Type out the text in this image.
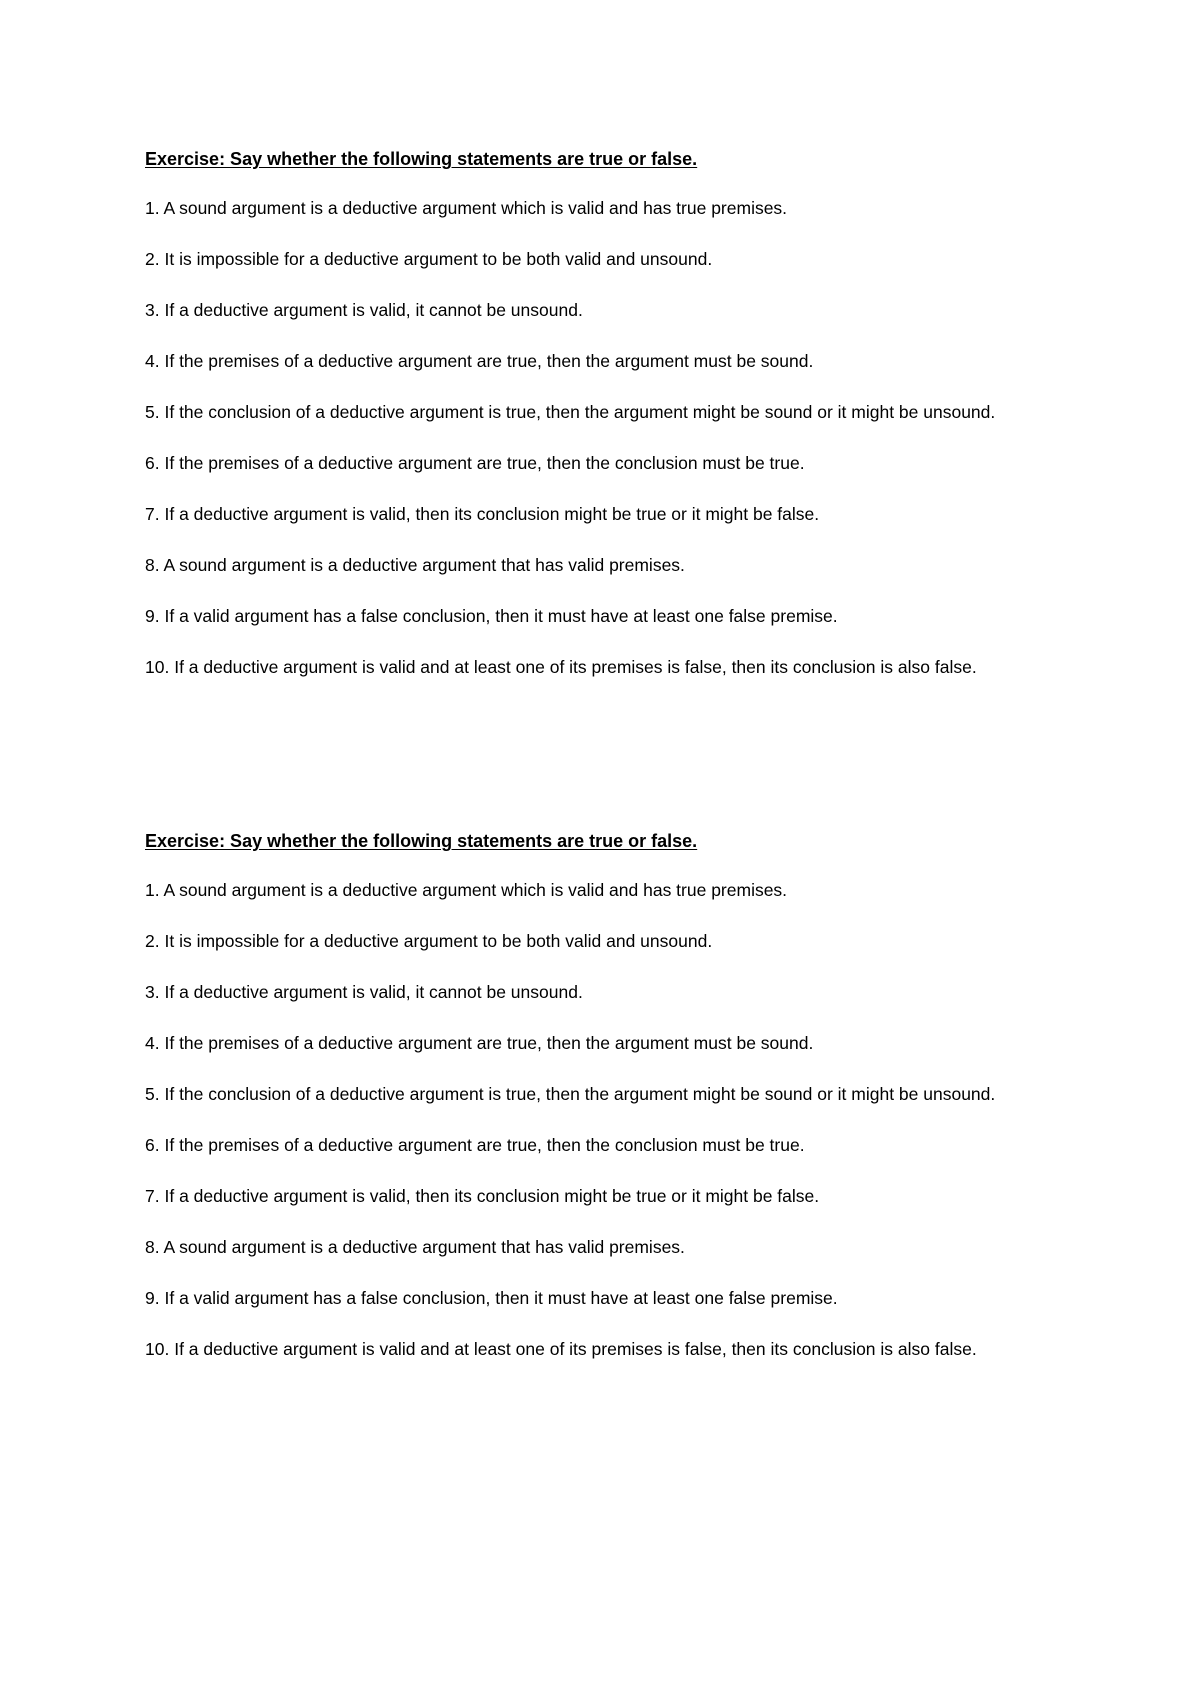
Exercise: Say whether the following statements are true or false.
1. A sound argument is a deductive argument which is valid and has true premises.
2. It is impossible for a deductive argument to be both valid and unsound.
3. If a deductive argument is valid, it cannot be unsound.
4. If the premises of a deductive argument are true, then the argument must be sound.
5. If the conclusion of a deductive argument is true, then the argument might be sound or it might be unsound.
6. If the premises of a deductive argument are true, then the conclusion must be true.
7. If a deductive argument is valid, then its conclusion might be true or it might be false.
8. A sound argument is a deductive argument that has valid premises.
9. If a valid argument has a false conclusion, then it must have at least one false premise.
10. If a deductive argument is valid and at least one of its premises is false, then its conclusion is also false.
Exercise: Say whether the following statements are true or false.
1. A sound argument is a deductive argument which is valid and has true premises.
2. It is impossible for a deductive argument to be both valid and unsound.
3. If a deductive argument is valid, it cannot be unsound.
4. If the premises of a deductive argument are true, then the argument must be sound.
5. If the conclusion of a deductive argument is true, then the argument might be sound or it might be unsound.
6. If the premises of a deductive argument are true, then the conclusion must be true.
7. If a deductive argument is valid, then its conclusion might be true or it might be false.
8. A sound argument is a deductive argument that has valid premises.
9. If a valid argument has a false conclusion, then it must have at least one false premise.
10. If a deductive argument is valid and at least one of its premises is false, then its conclusion is also false.
